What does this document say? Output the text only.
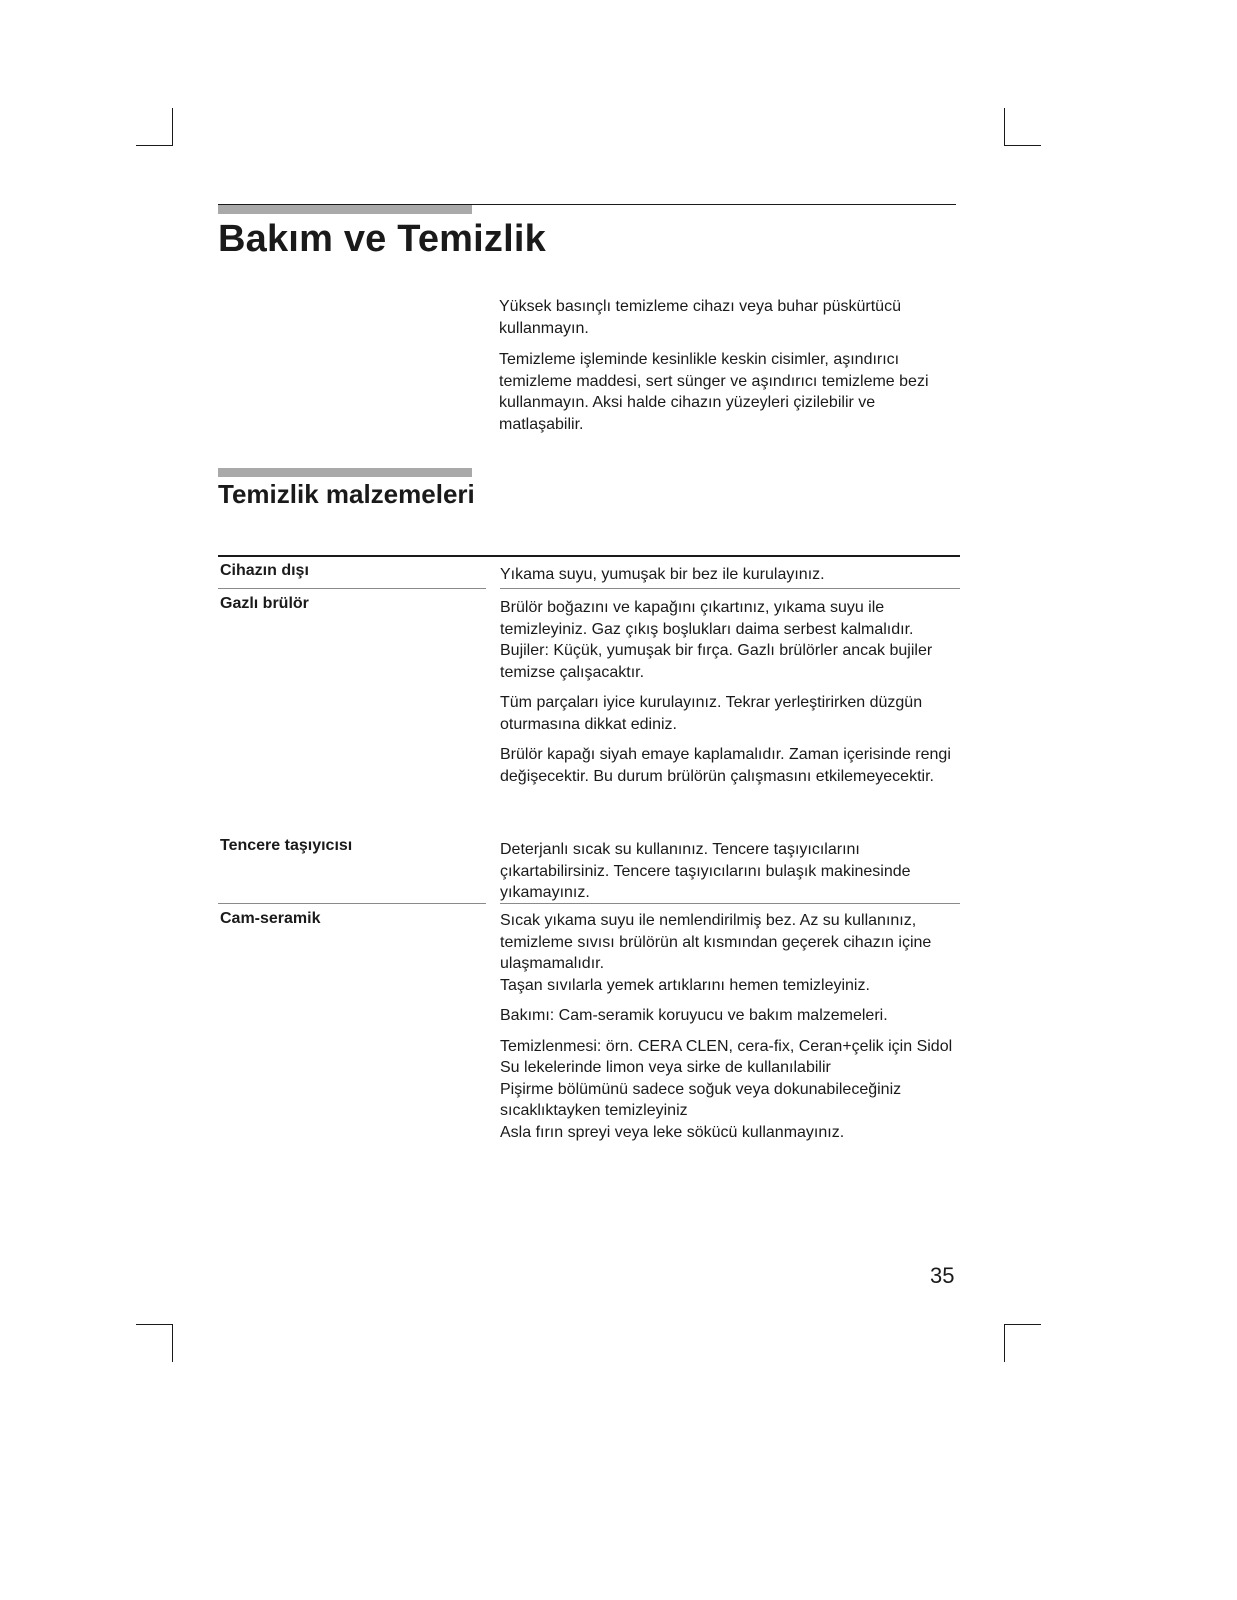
Bakım ve Temizlik

Yüksek basınçlı temizleme cihazı veya buhar püskürtücü kullanmayın.

Temizleme işleminde kesinlikle keskin cisimler, aşındırıcı temizleme maddesi, sert sünger ve aşındırıcı temizleme bezi kullanmayın. Aksi halde cihazın yüzeyleri çizilebilir ve matlaşabilir.

Temizlik malzemeleri
Cihazın dışı	Yıkama suyu, yumuşak bir bez ile kurulayınız.

Gazlı brülör	Brülör boğazını ve kapağını çıkartınız, yıkama suyu ile temizleyiniz. Gaz çıkış boşlukları daima serbest kalmalıdır.
Bujiler: Küçük, yumuşak bir fırça. Gazlı brülörler ancak bujiler temizse çalışacaktır.

Tüm parçaları iyice kurulayınız. Tekrar yerleştirirken düzgün oturmasına dikkat ediniz.

Brülör kapağı siyah emaye kaplamalıdır. Zaman içerisinde rengi değişecektir. Bu durum brülörün çalışmasını etkilemeyecektir.

Tencere taşıyıcısı	Deterjanlı sıcak su kullanınız. Tencere taşıyıcılarını çıkartabilirsiniz. Tencere taşıyıcılarını bulaşık makinesinde yıkamayınız.

Cam-seramik	Sıcak yıkama suyu ile nemlendirilmiş bez. Az su kullanınız, temizleme sıvısı brülörün alt kısmından geçerek cihazın içine ulaşmamalıdır.
Taşan sıvılarla yemek artıklarını hemen temizleyiniz.

Bakımı: Cam-seramik koruyucu ve bakım malzemeleri.

Temizlenmesi: örn. CERA CLEN, cera-fix, Ceran+çelik için Sidol
Su lekelerinde limon veya sirke de kullanılabilir
Pişirme bölümünü sadece soğuk veya dokunabileceğiniz sıcaklıktayken temizleyiniz
Asla fırın spreyi veya leke sökücü kullanmayınız.

35
